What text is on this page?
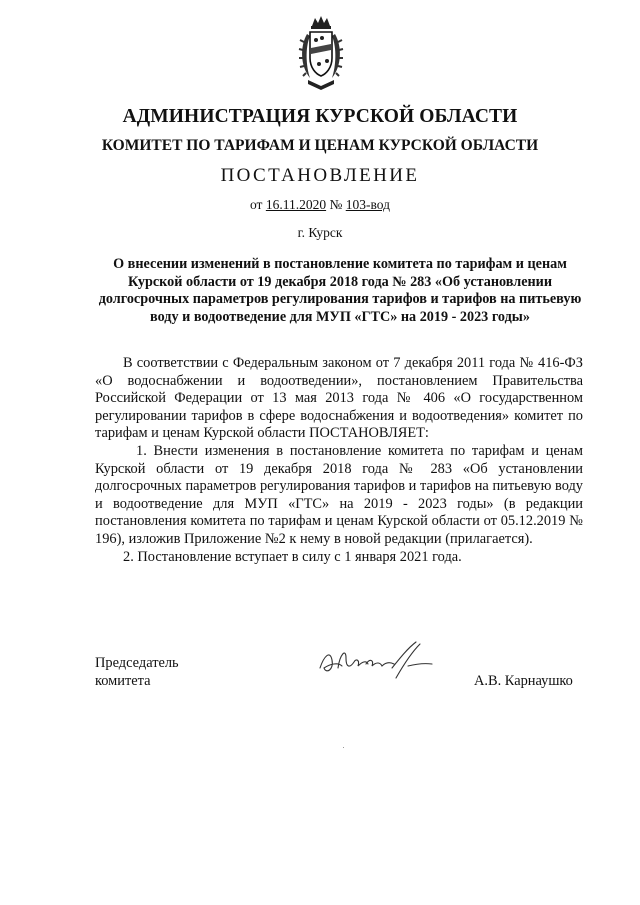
АДМИНИСТРАЦИЯ КУРСКОЙ ОБЛАСТИ
КОМИТЕТ ПО ТАРИФАМ И ЦЕНАМ КУРСКОЙ ОБЛАСТИ
ПОСТАНОВЛЕНИЕ
от 16.11.2020 № 103-вод
г. Курск
О внесении изменений в постановление комитета по тарифам и ценам Курской области от 19 декабря 2018 года № 283 «Об установлении долгосрочных параметров регулирования тарифов и тарифов на питьевую воду и водоотведение для МУП «ГТС» на 2019 - 2023 годы»

В соответствии с Федеральным законом от 7 декабря 2011 года № 416-ФЗ «О водоснабжении и водоотведении», постановлением Правительства Российской Федерации от 13 мая 2013 года № 406 «О государственном регулировании тарифов в сфере водоснабжения и водоотведения» комитет по тарифам и ценам Курской области ПОСТАНОВЛЯЕТ:

1. Внести изменения в постановление комитета по тарифам и ценам Курской области от 19 декабря 2018 года № 283 «Об установлении долгосрочных параметров регулирования тарифов и тарифов на питьевую воду и водоотведение для МУП «ГТС» на 2019 - 2023 годы» (в редакции постановления комитета по тарифам и ценам Курской области от 05.12.2019 № 196), изложив Приложение №2 к нему в новой редакции (прилагается).

2. Постановление вступает в силу с 1 января 2021 года.

Председатель
комитета	А.В. Карнаушко
